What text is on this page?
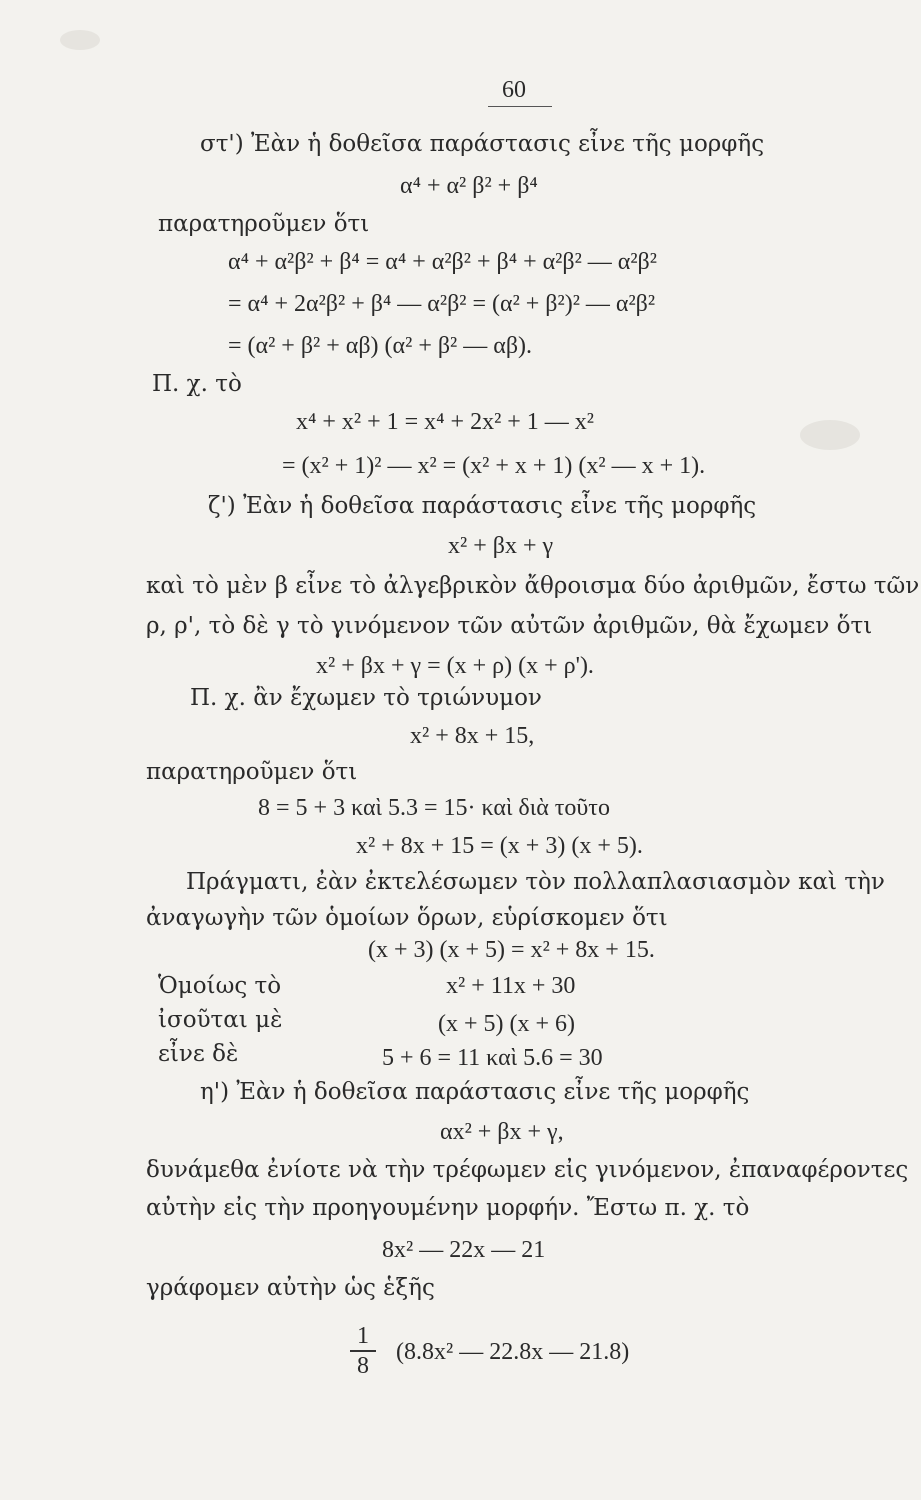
60
στ') Ἐὰν ἡ δοθεῖσα παράστασις εἶνε τῆς μορφῆς
α⁴ + α² β² + β⁴
παρατηροῦμεν ὅτι
α⁴ + α²β² + β⁴ = α⁴ + α²β² + β⁴ + α²β² — α²β²
= α⁴ + 2α²β² + β⁴ — α²β² = (α² + β²)² — α²β²
= (α² + β² + αβ) (α² + β² — αβ).
Π. χ. τὸ
x⁴ + x² + 1 = x⁴ + 2x² + 1 — x²
= (x² + 1)² — x² = (x² + x + 1) (x² — x + 1).
ζ') Ἐὰν ἡ δοθεῖσα παράστασις εἶνε τῆς μορφῆς
x² + βx + γ
καὶ τὸ μὲν β εἶνε τὸ ἀλγεβρικὸν ἄθροισμα δύο ἀριθμῶν, ἔστω τῶν
ρ, ρ', τὸ δὲ γ τὸ γινόμενον τῶν αὐτῶν ἀριθμῶν, θὰ ἔχωμεν ὅτι
x² + βx + γ = (x + ρ) (x + ρ').
Π. χ. ἂν ἔχωμεν τὸ τριώνυμον
x² + 8x + 15,
παρατηροῦμεν ὅτι
8 = 5 + 3 καὶ 5.3 = 15· καὶ διὰ τοῦτο
x² + 8x + 15 = (x + 3) (x + 5).
Πράγματι, ἐὰν ἐκτελέσωμεν τὸν πολλαπλασιασμὸν καὶ τὴν
ἀναγωγὴν τῶν ὁμοίων ὅρων, εὑρίσκομεν ὅτι
(x + 3) (x + 5) = x² + 8x + 15.
Ὁμοίως τὸ	x² + 11x + 30
ἰσοῦται μὲ	(x + 5) (x + 6)
εἶνε δὲ	5 + 6 = 11 καὶ 5.6 = 30
η') Ἐὰν ἡ δοθεῖσα παράστασις εἶνε τῆς μορφῆς
αx² + βx + γ,
δυνάμεθα ἐνίοτε νὰ τὴν τρέφωμεν εἰς γινόμενον, ἐπαναφέροντες
αὐτὴν εἰς τὴν προηγουμένην μορφήν. Ἔστω π. χ. τὸ
8x² — 22x — 21
γράφομεν αὐτὴν ὡς ἑξῆς
1
8
(8.8x² — 22.8x — 21.8)
